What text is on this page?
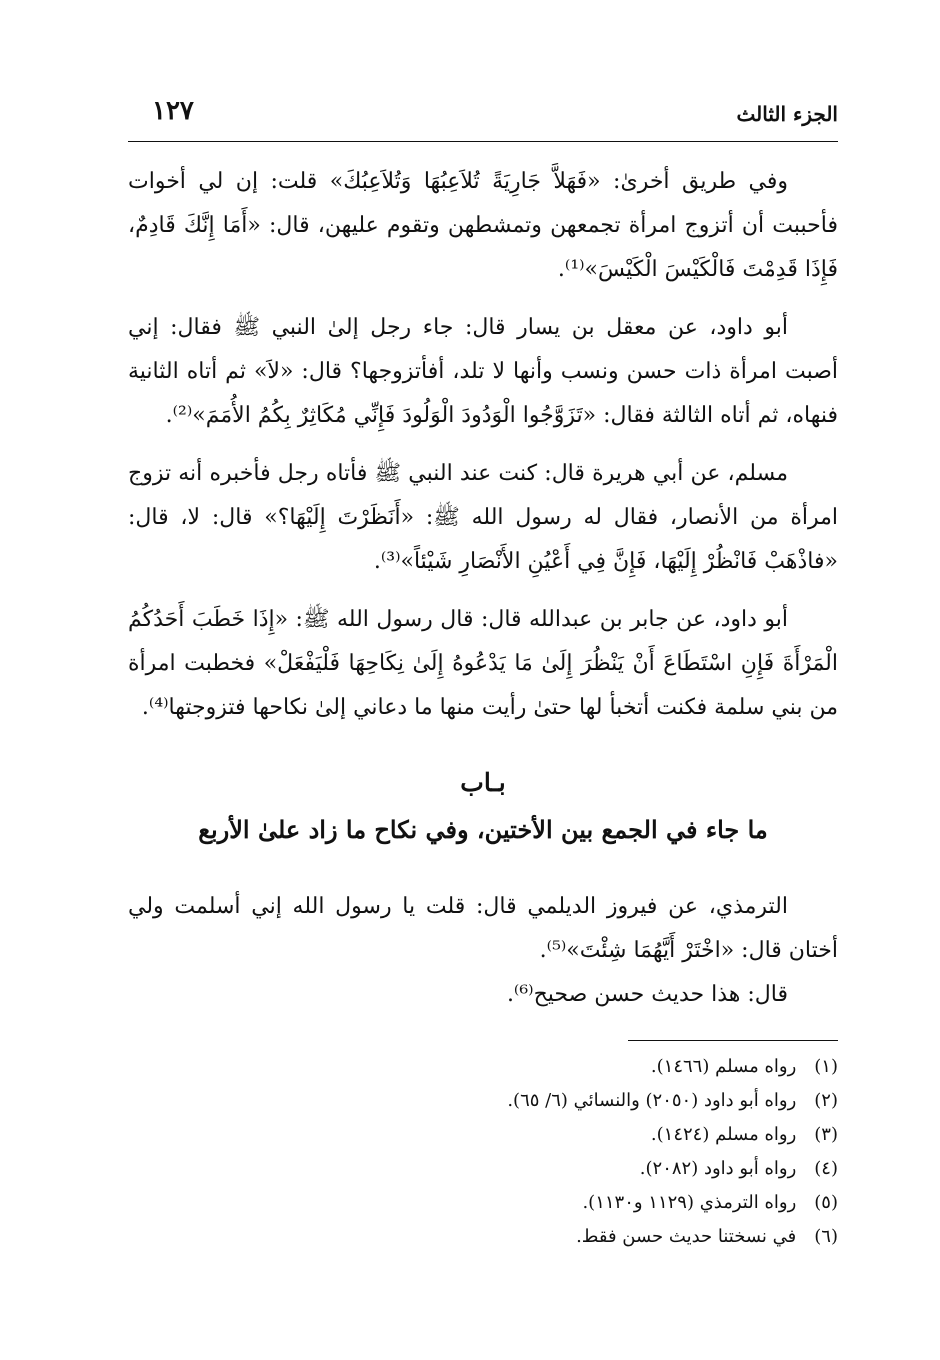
الجزء الثالث
١٢٧

وفي طريق أخرىٰ: «فَهَلاَّ جَارِيَةً تُلاَعِبُهَا وَتُلاَعِبُكَ» قلت: إن لي أخوات فأحببت أن أتزوج امرأة تجمعهن وتمشطهن وتقوم عليهن، قال: «أَمَا إِنَّكَ قَادِمٌ، فَإِذَا قَدِمْتَ فَالْكَيْسَ الْكَيْسَ»⁽¹⁾.

أبو داود، عن معقل بن يسار قال: جاء رجل إلىٰ النبي ﷺ فقال: إني أصبت امرأة ذات حسن ونسب وأنها لا تلد، أفأتزوجها؟ قال: «لاَ» ثم أتاه الثانية فنهاه، ثم أتاه الثالثة فقال: «تَزَوَّجُوا الْوَدُودَ الْوَلُودَ فَإِنِّي مُكَاثِرٌ بِكُمُ الأُمَمَ»⁽²⁾.

مسلم، عن أبي هريرة قال: كنت عند النبي ﷺ فأتاه رجل فأخبره أنه تزوج امرأة من الأنصار، فقال له رسول الله ﷺ: «أَنَظَرْتَ إِلَيْهَا؟» قال: لا، قال: «فاذْهَبْ فَانْظُرْ إِلَيْهَا، فَإِنَّ فِي أَعْيُنِ الأَنْصَارِ شَيْئاً»⁽³⁾.

أبو داود، عن جابر بن عبدالله قال: قال رسول الله ﷺ: «إِذَا خَطَبَ أَحَدُكُمُ الْمَرْأَةَ فَإِنِ اسْتَطَاعَ أَنْ يَنْظُرَ إِلَىٰ مَا يَدْعُوهُ إِلَىٰ نِكَاحِهَا فَلْيَفْعَلْ» فخطبت امرأة من بني سلمة فكنت أتخبأ لها حتىٰ رأيت منها ما دعاني إلىٰ نكاحها فتزوجتها⁽⁴⁾.

بـاب
ما جاء في الجمع بين الأختين، وفي نكاح ما زاد علىٰ الأربع

الترمذي، عن فيروز الديلمي قال: قلت يا رسول الله إني أسلمت ولي أختان قال: «اخْتَرْ أَيَّهُمَا شِئْتَ»⁽⁵⁾.

قال: هذا حديث حسن صحيح⁽⁶⁾.

(١) رواه مسلم (١٤٦٦).

(٢) رواه أبو داود (٢٠٥٠) والنسائي (٦/ ٦٥).

(٣) رواه مسلم (١٤٢٤).

(٤) رواه أبو داود (٢٠٨٢).

(٥) رواه الترمذي (١١٢٩ و١١٣٠).

(٦) في نسختنا حديث حسن فقط.
